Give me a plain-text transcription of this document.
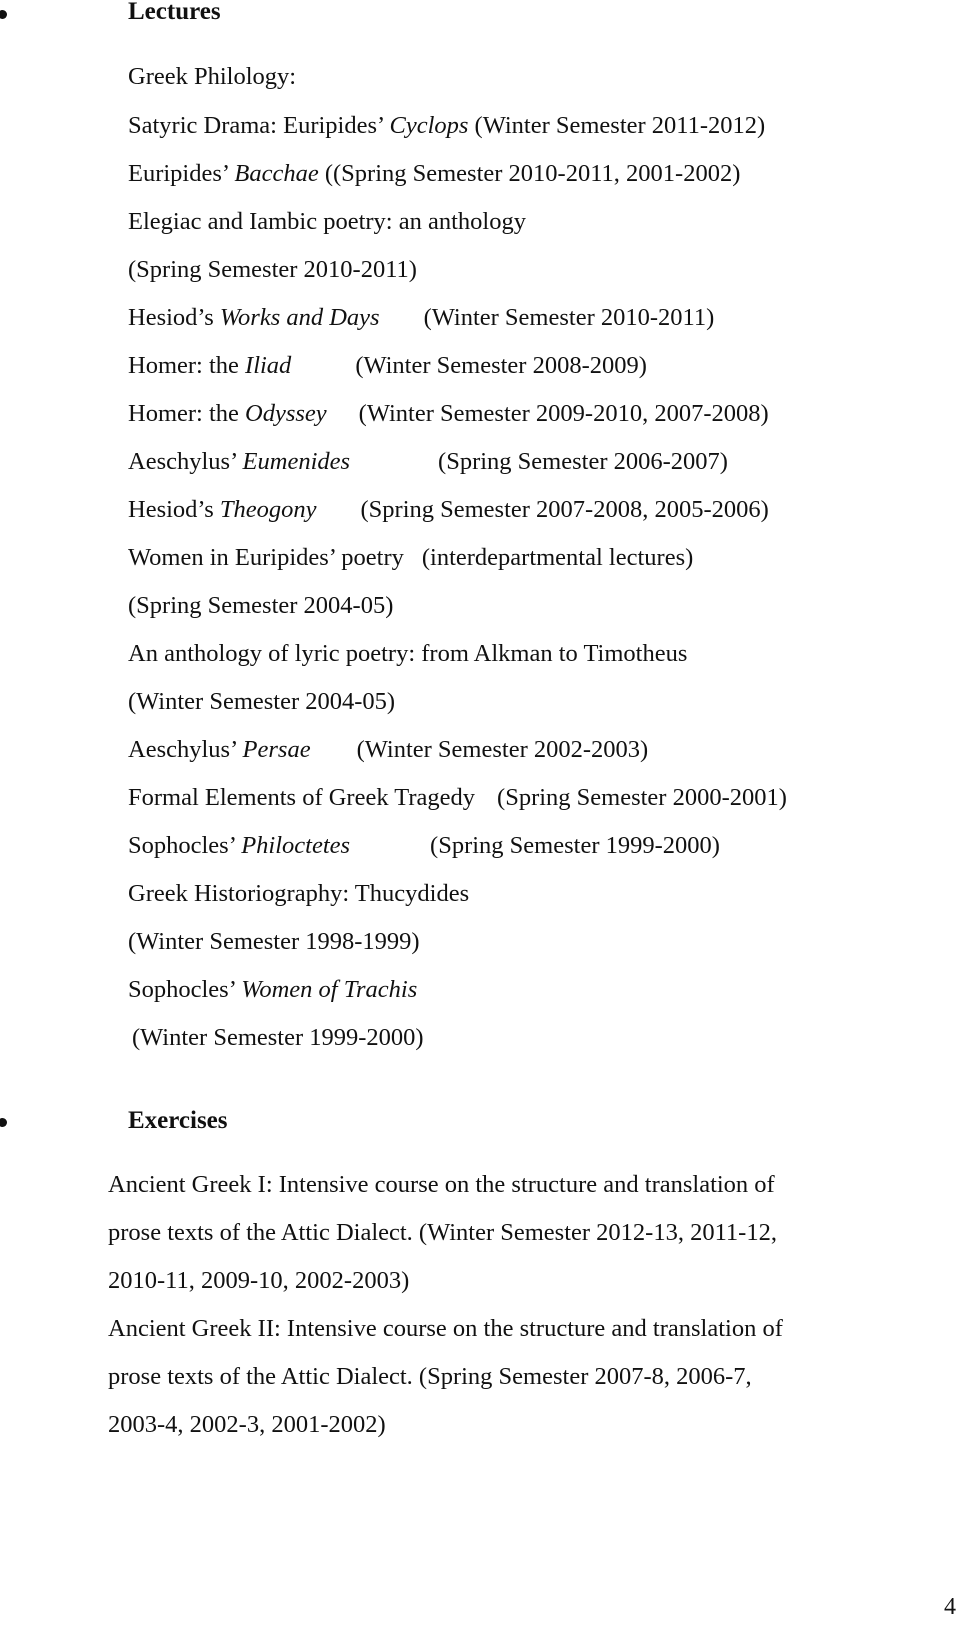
Lectures
Greek Philology:
Satyric Drama: Euripides’ Cyclops (Winter Semester 2011-2012)
Euripides’ Bacchae ((Spring Semester 2010-2011, 2001-2002)
Elegiac and Iambic poetry: an anthology
(Spring Semester 2010-2011)
Hesiod’s Works and Days (Winter Semester 2010-2011)
Homer: the Iliad	(Winter Semester 2008-2009)
Homer: the Odyssey (Winter Semester 2009-2010, 2007-2008)
Aeschylus’ Eumenides	(Spring Semester 2006-2007)
Hesiod’s Theogony (Spring Semester 2007-2008, 2005-2006)
Women in Euripides’ poetry (interdepartmental lectures)
(Spring Semester 2004-05)
An anthology of lyric poetry: from Alkman to Timotheus
(Winter Semester 2004-05)
Aeschylus’ Persae (Winter Semester 2002-2003)
Formal Elements of Greek Tragedy (Spring Semester 2000-2001)
Sophocles’ Philoctetes	(Spring Semester 1999-2000)
Greek Historiography: Thucydides
(Winter Semester 1998-1999)
Sophocles’ Women of Trachis
(Winter Semester 1999-2000)
Exercises
Ancient Greek I: Intensive course on the structure and translation of
prose texts of the Attic Dialect. (Winter Semester 2012-13, 2011-12,
2010-11, 2009-10, 2002-2003)
Ancient Greek II: Intensive course on the structure and translation of
prose texts of the Attic Dialect. (Spring Semester 2007-8, 2006-7,
2003-4, 2002-3, 2001-2002)
4
